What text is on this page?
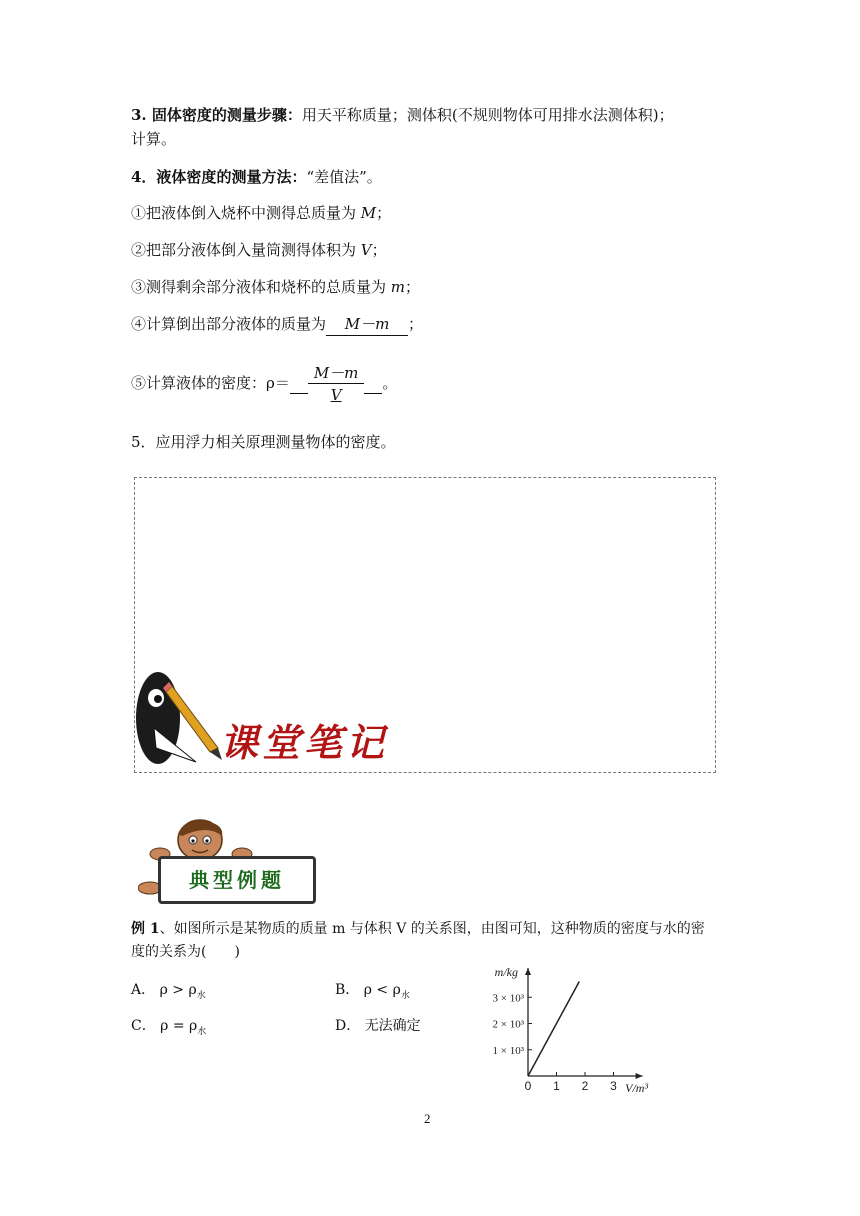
3. 固体密度的测量步骤：用天平称质量；测体积(不规则物体可用排水法测体积)；
计算。
4．液体密度的测量方法：“差值法”。
①把液体倒入烧杯中测得总质量为 M；
②把部分液体倒入量筒测得体积为 V；
③测得剩余部分液体和烧杯的总质量为 m；
④计算倒出部分液体的质量为 M－m ；
⑤计算液体的密度：$\rho= \frac{M-m}{V}$ 。
5．应用浮力相关原理测量物体的密度。
课堂笔记
典型例题
例 1、如图所示是某物质的质量 m 与体积 V 的关系图，由图可知，这种物质的密度与水的密
度的关系为(　　)
A． $\rho > \rho_水$	B． $\rho < \rho_水$
C． $\rho = \rho_水$	D． 无法确定
0 1 2 3
1 × 10³
2 × 10³
3 × 10³
m/kg
V/m³
2
